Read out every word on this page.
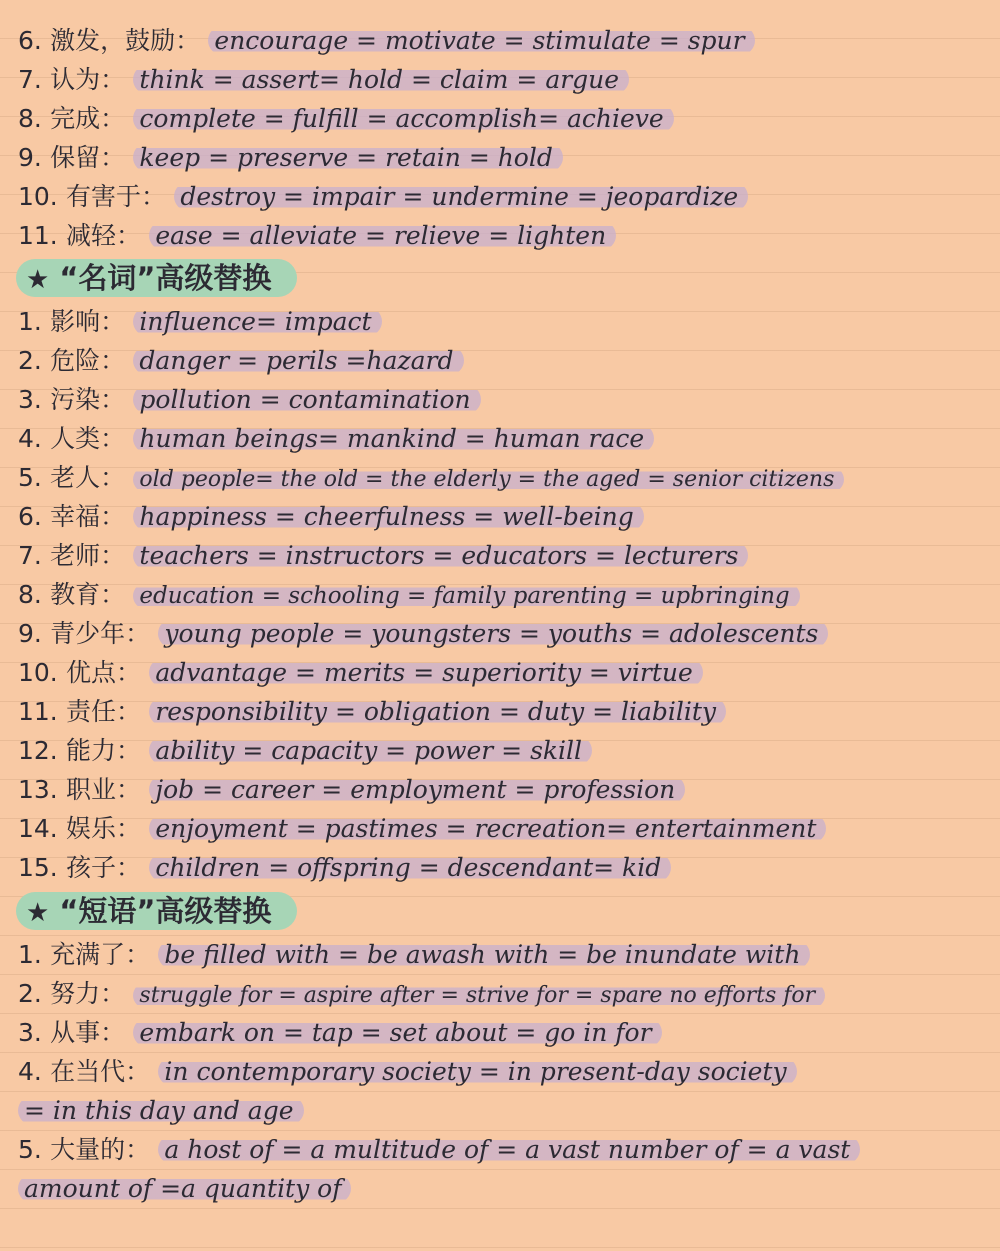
6. 激发，鼓励： encourage = motivate = stimulate = spur
7. 认为： think = assert= hold = claim = argue
8. 完成： complete = fulfill = accomplish= achieve
9. 保留： keep = preserve = retain = hold
10. 有害于： destroy = impair = undermine = jeopardize
11. 减轻： ease = alleviate = relieve = lighten
★ “名词”高级替换
1. 影响： influence= impact
2. 危险： danger = perils =hazard
3. 污染： pollution = contamination
4. 人类： human beings= mankind = human race
5. 老人： old people= the old = the elderly = the aged = senior citizens
6. 幸福： happiness = cheerfulness = well-being
7. 老师： teachers = instructors = educators = lecturers
8. 教育： education = schooling = family parenting = upbringing
9. 青少年： young people = youngsters = youths = adolescents
10. 优点： advantage = merits = superiority = virtue
11. 责任： responsibility = obligation = duty = liability
12. 能力： ability = capacity = power = skill
13. 职业： job = career = employment = profession
14. 娱乐： enjoyment = pastimes = recreation= entertainment
15. 孩子： children = offspring = descendant= kid
★ “短语”高级替换
1. 充满了： be filled with = be awash with = be inundate with
2. 努力： struggle for = aspire after = strive for = spare no efforts for
3. 从事： embark on = tap = set about = go in for
4. 在当代： in contemporary society = in present-day society
= in this day and age
5. 大量的： a host of = a multitude of = a vast number of = a vast
amount of =a quantity of
